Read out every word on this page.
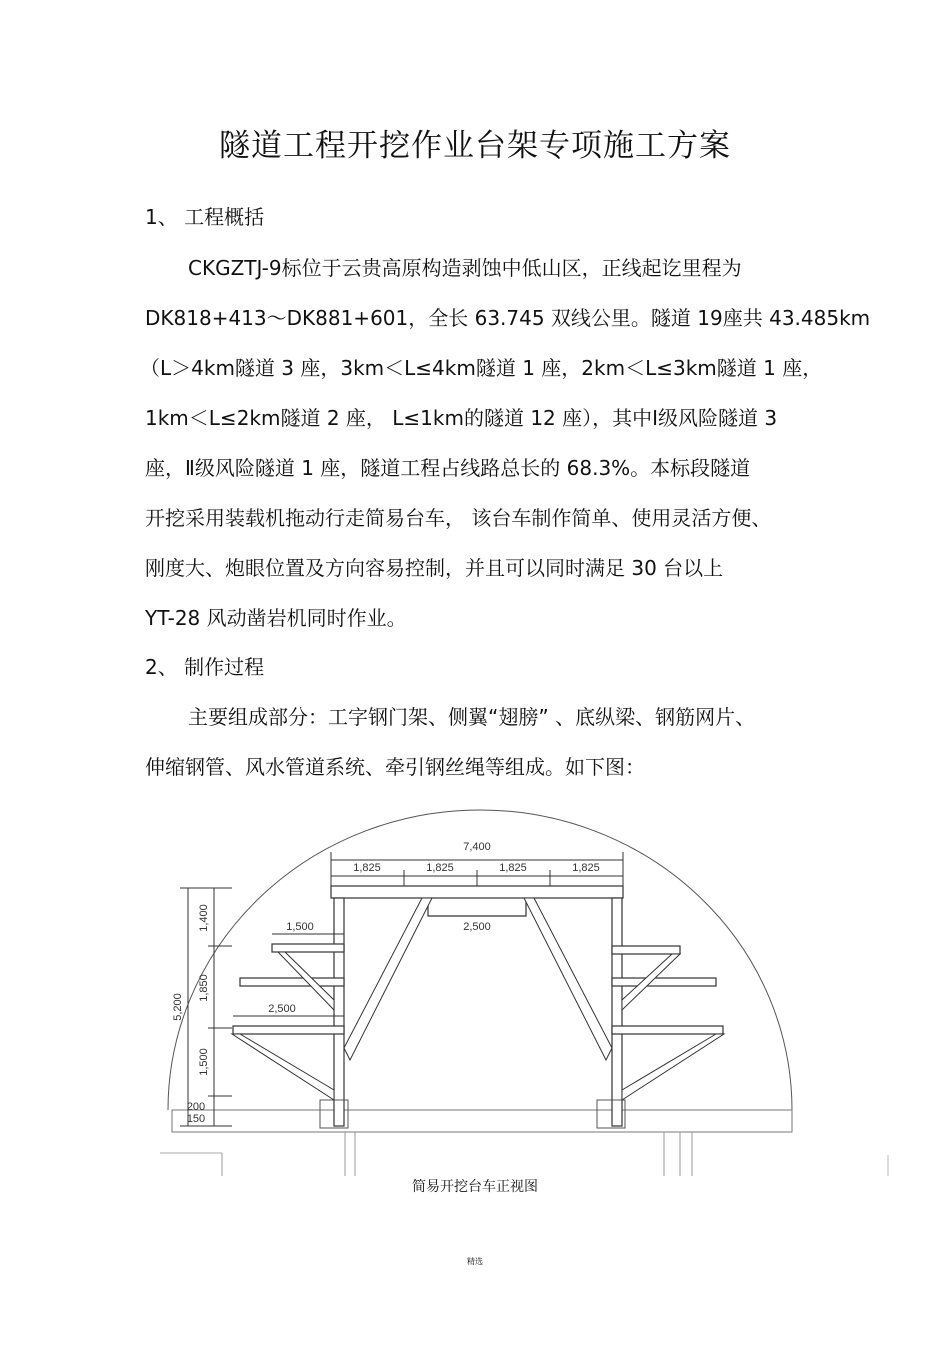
隧道工程开挖作业台架专项施工方案
1、 工程概括
CKGZTJ-9标位于云贵高原构造剥蚀中低山区，正线起讫里程为
DK818+413～DK881+601，全长 63.745 双线公里。隧道 19座共 43.485km
（L＞4km隧道 3 座，3km＜L≤4km隧道 1 座，2km＜L≤3km隧道 1 座，
1km＜L≤2km隧道 2 座， L≤1km的隧道 12 座），其中Ⅰ级风险隧道 3
座，Ⅱ级风险隧道 1 座，隧道工程占线路总长的 68.3%。本标段隧道
开挖采用装载机拖动行走简易台车， 该台车制作简单、使用灵活方便、
刚度大、炮眼位置及方向容易控制，并且可以同时满足 30 台以上
YT-28 风动凿岩机同时作业。
2、 制作过程
主要组成部分：工字钢门架、侧翼“翅膀” 、底纵梁、钢筋网片、
伸缩钢管、风水管道系统、牵引钢丝绳等组成。如下图：
7,400
1,825	1,825	1,825	1,825
2,500
1,500
2,500
5,200
1,400
1,850
1,500
200
150
简易开挖台车正视图
精选
